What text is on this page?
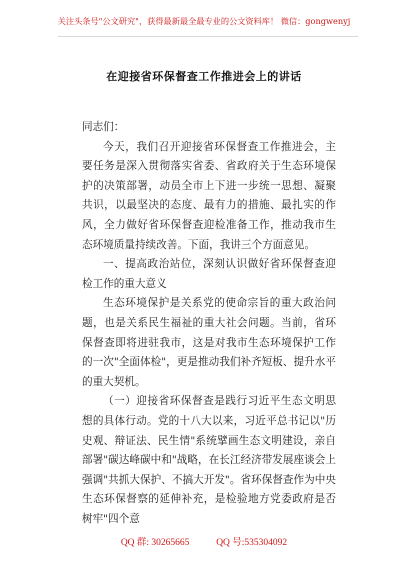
关注头条号"公文研究"，获得最新最全最专业的公文资料库！ 微信：gongwenyj
在迎接省环保督查工作推进会上的讲话

同志们：

今天，我们召开迎接省环保督查工作推进会，主要任务是深入贯彻落实省委、省政府关于生态环境保护的决策部署，动员全市上下进一步统一思想、凝聚共识，以最坚决的态度、最有力的措施、最扎实的作风，全力做好省环保督查迎检准备工作，推动我市生态环境质量持续改善。下面，我讲三个方面意见。

一、提高政治站位，深刻认识做好省环保督查迎检工作的重大意义

生态环境保护是关系党的使命宗旨的重大政治问题，也是关系民生福祉的重大社会问题。当前，省环保督查即将进驻我市，这是对我市生态环境保护工作的一次"全面体检"，更是推动我们补齐短板、提升水平的重大契机。

（一）迎接省环保督查是践行习近平生态文明思想的具体行动。党的十八大以来，习近平总书记以"历史观、辩证法、民生情"系统擘画生态文明建设，亲自部署"碳达峰碳中和"战略，在长江经济带发展座谈会上强调"共抓大保护、不搞大开发"。省环保督查作为中央生态环保督察的延伸补充，是检验地方党委政府是否树牢"四个意

QQ 群: 30265665	QQ 号:535304092
